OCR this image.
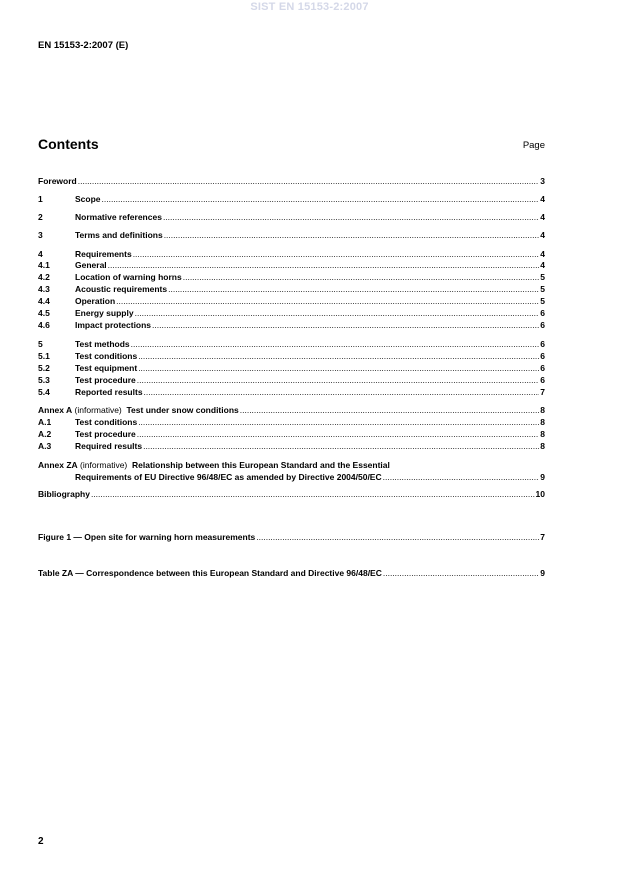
SIST EN 15153-2:2007
EN 15153-2:2007 (E)
Contents	Page
Foreword .....	3
1	Scope .....	4
2	Normative references .....	4
3	Terms and definitions .....	4
4	Requirements .....	4
4.1	General .....	4
4.2	Location of warning horns .....	5
4.3	Acoustic requirements .....	5
4.4	Operation .....	5
4.5	Energy supply .....	6
4.6	Impact protections .....	6
5	Test methods .....	6
5.1	Test conditions .....	6
5.2	Test equipment .....	6
5.3	Test procedure .....	6
5.4	Reported results .....	7
Annex A (informative)  Test under snow conditions .....	8
A.1	Test conditions .....	8
A.2	Test procedure .....	8
A.3	Required results .....	8
Annex ZA (informative)  Relationship between this European Standard and the Essential
Requirements of EU Directive 96/48/EC as amended by Directive 2004/50/EC .....	9
Bibliography .....	10
Figure 1 — Open site for warning horn measurements .....	7
Table ZA — Correspondence between this European Standard and Directive 96/48/EC .....	9
2
